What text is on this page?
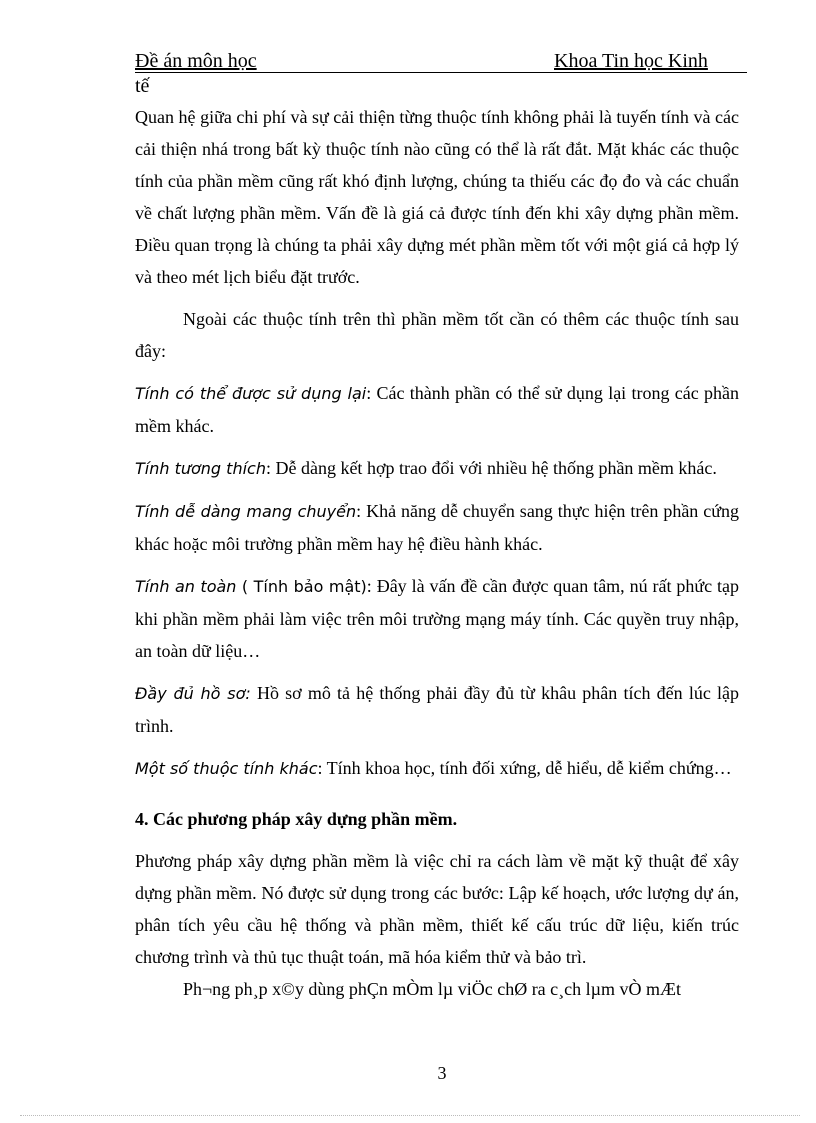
Đề án môn học	Khoa Tin học Kinh
tế

Quan hệ giữa chi phí và sự cải thiện từng thuộc tính không phải là tuyến tính và các cải thiện nhá trong bất kỳ thuộc tính nào cũng có thể là rất đắt. Mặt khác các thuộc tính của phần mềm cũng rất khó định lượng, chúng ta thiếu các đọ đo và các chuẩn về chất lượng phần mềm. Vấn đề là giá cả được tính đến khi xây dựng phần mềm. Điều quan trọng là chúng ta phải xây dựng mét phần mềm tốt với một giá cả hợp lý và theo mét lịch biểu đặt trước.

Ngoài các thuộc tính trên thì phần mềm tốt cần có thêm các thuộc tính sau đây:

Tính có thể được sử dụng lại: Các thành phần có thể sử dụng lại trong các phần mềm khác.

Tính tương thích: Dễ dàng kết hợp trao đổi với nhiều hệ thống phần mềm khác.

Tính dễ dàng mang chuyển: Khả năng dễ chuyển sang thực hiện trên phần cứng khác hoặc môi trường phần mềm hay hệ điều hành khác.

Tính an toàn ( Tính bảo mật): Đây là vấn đề cần được quan tâm, nú rất phức tạp khi phần mềm phải làm việc trên môi trường mạng máy tính. Các quyền truy nhập, an toàn dữ liệu…

Đầy đủ hồ sơ: Hồ sơ mô tả hệ thống phải đầy đủ từ khâu phân tích đến lúc lập trình.

Một số thuộc tính khác: Tính khoa học, tính đối xứng, dễ hiểu, dễ kiểm chứng…

4. Các phương pháp xây dựng phần mềm.

Phương pháp xây dựng phần mềm là việc chỉ ra cách làm về mặt kỹ thuật để xây dựng phần mềm. Nó được sử dụng trong các bước: Lập kế hoạch, ước lượng dự án, phân tích yêu cầu hệ thống và phần mềm, thiết kế cấu trúc dữ liệu, kiến trúc chương trình và thủ tục thuật toán, mã hóa kiểm thử và bảo trì.

Ph¬ng ph¸p x©y dùng phÇn mÒm lµ viÖc chØ ra c¸ch lµm vÒ mÆt

3
